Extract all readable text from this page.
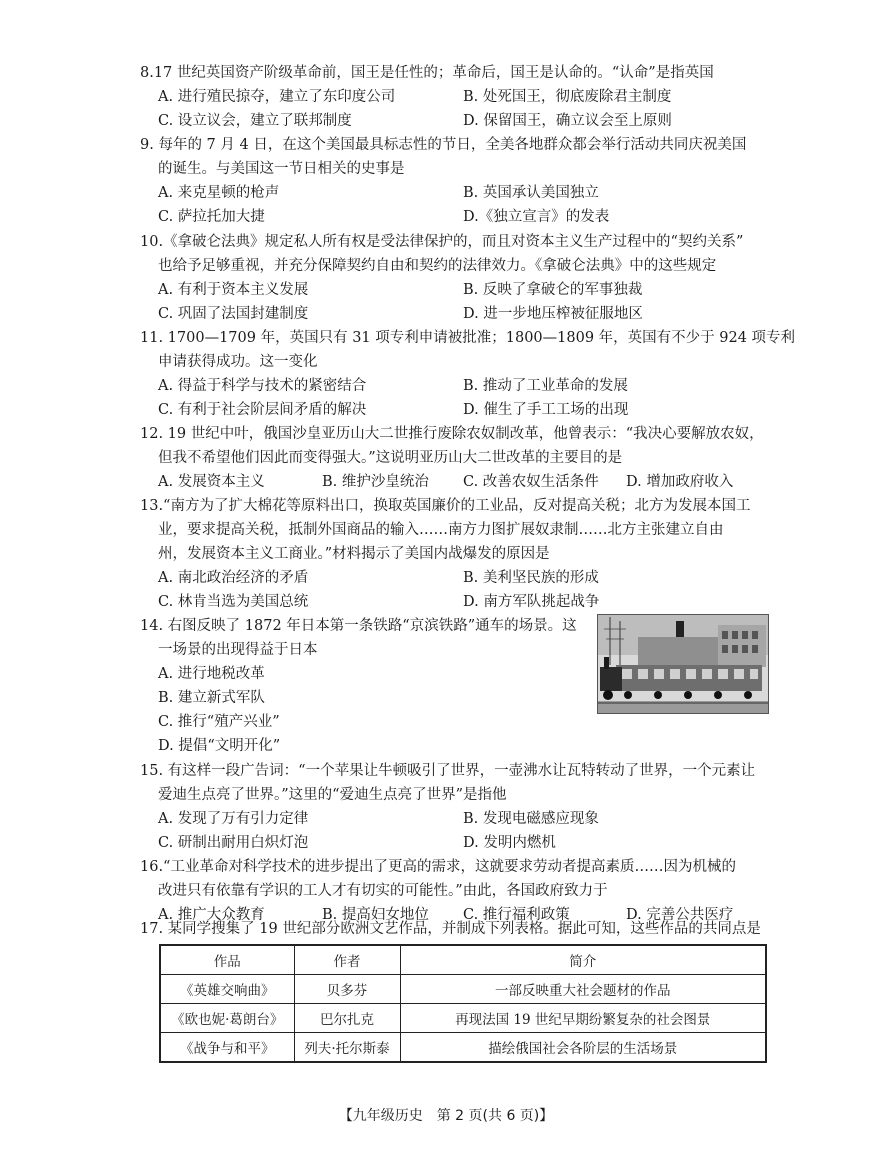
8.17 世纪英国资产阶级革命前，国王是任性的；革命后，国王是认命的。“认命”是指英国
A. 进行殖民掠夺，建立了东印度公司	B. 处死国王，彻底废除君主制度
C. 设立议会，建立了联邦制度	D. 保留国王，确立议会至上原则
9. 每年的 7 月 4 日，在这个美国最具标志性的节日，全美各地群众都会举行活动共同庆祝美国
的诞生。与美国这一节日相关的史事是
A. 来克星顿的枪声	B. 英国承认美国独立
C. 萨拉托加大捷	D.《独立宣言》的发表
10.《拿破仑法典》规定私人所有权是受法律保护的，而且对资本主义生产过程中的“契约关系”
也给予足够重视，并充分保障契约自由和契约的法律效力。《拿破仑法典》中的这些规定
A. 有利于资本主义发展	B. 反映了拿破仑的军事独裁
C. 巩固了法国封建制度	D. 进一步地压榨被征服地区
11. 1700—1709 年，英国只有 31 项专利申请被批准；1800—1809 年，英国有不少于 924 项专利
申请获得成功。这一变化
A. 得益于科学与技术的紧密结合	B. 推动了工业革命的发展
C. 有利于社会阶层间矛盾的解决	D. 催生了手工工场的出现
12. 19 世纪中叶，俄国沙皇亚历山大二世推行废除农奴制改革，他曾表示：“我决心要解放农奴，
但我不希望他们因此而变得强大。”这说明亚历山大二世改革的主要目的是
A. 发展资本主义	B. 维护沙皇统治 C. 改善农奴生活条件 D. 增加政府收入
13.“南方为了扩大棉花等原料出口，换取英国廉价的工业品，反对提高关税；北方为发展本国工
业，要求提高关税，抵制外国商品的输入……南方力图扩展奴隶制……北方主张建立自由
州，发展资本主义工商业。”材料揭示了美国内战爆发的原因是
A. 南北政治经济的矛盾	B. 美利坚民族的形成
C. 林肯当选为美国总统	D. 南方军队挑起战争
14. 右图反映了 1872 年日本第一条铁路“京滨铁路”通车的场景。这
一场景的出现得益于日本
A. 进行地税改革
B. 建立新式军队
C. 推行“殖产兴业”
D. 提倡“文明开化”
15. 有这样一段广告词：“一个苹果让牛顿吸引了世界，一壶沸水让瓦特转动了世界，一个元素让
爱迪生点亮了世界。”这里的“爱迪生点亮了世界”是指他
A. 发现了万有引力定律	B. 发现电磁感应现象
C. 研制出耐用白炽灯泡	D. 发明内燃机
16.“工业革命对科学技术的进步提出了更高的需求，这就要求劳动者提高素质……因为机械的
改进只有依靠有学识的工人才有切实的可能性。”由此，各国政府致力于
A. 推广大众教育	B. 提高妇女地位 C. 推行福利政策	D. 完善公共医疗
17. 某同学搜集了 19 世纪部分欧洲文艺作品，并制成下列表格。据此可知，这些作品的共同点是
作品	作者	简介
《英雄交响曲》	贝多芬	一部反映重大社会题材的作品
《欧也妮·葛朗台》	巴尔扎克	再现法国 19 世纪早期纷繁复杂的社会图景
《战争与和平》	列夫·托尔斯泰	描绘俄国社会各阶层的生活场景
【九年级历史　第 2 页(共 6 页)】
